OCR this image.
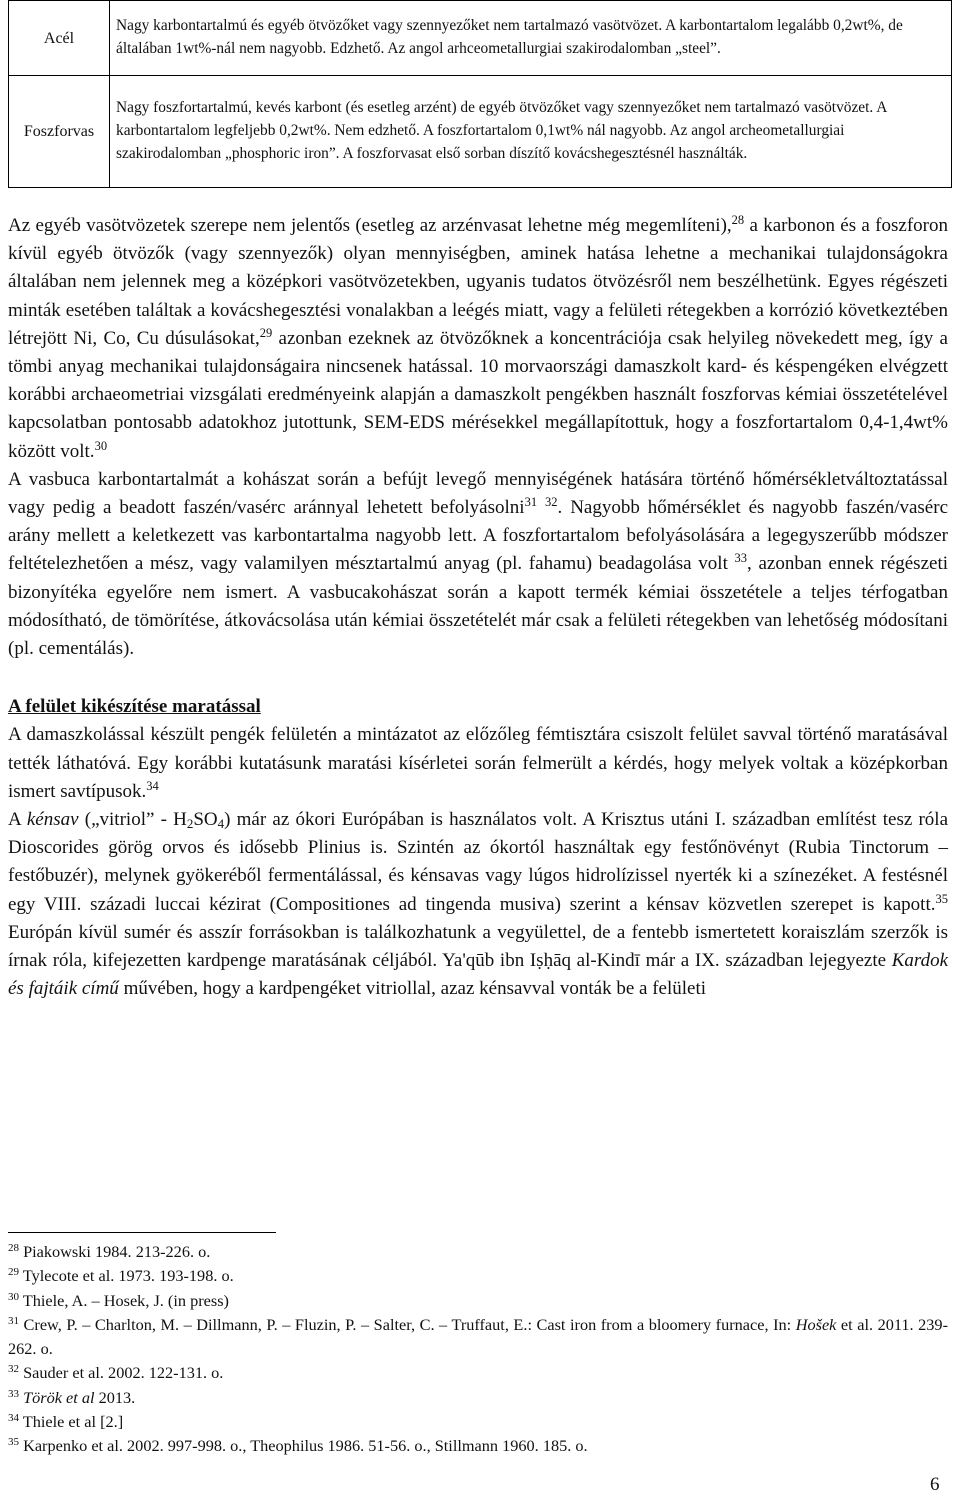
Acél	Nagy karbontartalmú és egyéb ötvözőket vagy szennyezőket nem tartalmazó vasötvözet. A karbontartalom legalább 0,2wt%, de általában 1wt%-nál nem nagyobb. Edzhető. Az angol arhceometallurgiai szakirodalomban „steel”.
Foszforvas	Nagy foszfortartalmú, kevés karbont (és esetleg arzént) de egyéb ötvözőket vagy szennyezőket nem tartalmazó vasötvözet. A karbontartalom legfeljebb 0,2wt%. Nem edzhető. A foszfortartalom 0,1wt% nál nagyobb. Az angol archeometallurgiai szakirodalomban „phosphoric iron”. A foszforvasat első sorban díszítő kovácshegesztésnél használták.

Az egyéb vasötvözetek szerepe nem jelentős (esetleg az arzénvasat lehetne még megemlíteni),$^{28}$ a karbonon és a foszforon kívül egyéb ötvözők (vagy szennyezők) olyan mennyiségben, aminek hatása lehetne a mechanikai tulajdonságokra általában nem jelennek meg a középkori vasötvözetekben, ugyanis tudatos ötvözésről nem beszélhetünk. Egyes régészeti minták esetében találtak a kovácshegesztési vonalakban a leégés miatt, vagy a felületi rétegekben a korrózió következtében létrejött Ni, Co, Cu dúsulásokat,$^{29}$ azonban ezeknek az ötvözőknek a koncentrációja csak helyileg növekedett meg, így a tömbi anyag mechanikai tulajdonságaira nincsenek hatással. 10 morvaországi damaszkolt kard- és késpengéken elvégzett korábbi archaeometriai vizsgálati eredményeink alapján a damaszkolt pengékben használt foszforvas kémiai összetételével kapcsolatban pontosabb adatokhoz jutottunk, SEM-EDS mérésekkel megállapítottuk, hogy a foszfortartalom 0,4-1,4wt% között volt.$^{30}$

A vasbuca karbontartalmát a kohászat során a befújt levegő mennyiségének hatására történő hőmérsékletváltoztatással vagy pedig a beadott faszén/vasérc aránnyal lehetett befolyásolni$^{31}$ $^{32}$. Nagyobb hőmérséklet és nagyobb faszén/vasérc arány mellett a keletkezett vas karbontartalma nagyobb lett. A foszfortartalom befolyásolására a legegyszerűbb módszer feltételezhetően a mész, vagy valamilyen mésztartalmú anyag (pl. fahamu) beadagolása volt $^{33}$, azonban ennek régészeti bizonyítéka egyelőre nem ismert. A vasbucakohászat során a kapott termék kémiai összetétele a teljes térfogatban módosítható, de tömörítése, átkovácsolása után kémiai összetételét már csak a felületi rétegekben van lehetőség módosítani (pl. cementálás).

A felület kikészítése maratással

A damaszkolással készült pengék felületén a mintázatot az előzőleg fémtisztára csiszolt felület savval történő maratásával tették láthatóvá. Egy korábbi kutatásunk maratási kísérletei során felmerült a kérdés, hogy melyek voltak a középkorban ismert savtípusok.$^{34}$

A kénsav („vitriol” - $H_2SO_4$) már az ókori Európában is használatos volt. A Krisztus utáni I. században említést tesz róla Dioscorides görög orvos és idősebb Plinius is. Szintén az ókortól használtak egy festőnövényt (Rubia Tinctorum – festőbuzér), melynek gyökeréből fermentálással, és kénsavas vagy lúgos hidrolízissel nyerték ki a színezéket. A festésnél egy VIII. századi luccai kézirat (Compositiones ad tingenda musiva) szerint a kénsav közvetlen szerepet is kapott.$^{35}$ Európán kívül sumér és asszír forrásokban is találkozhatunk a vegyülettel, de a fentebb ismertetett koraiszlám szerzők is írnak róla, kifejezetten kardpenge maratásának céljából. Ya'qūb ibn Iṣḥāq al-Kindī már a IX. században lejegyezte Kardok és fajtáik című művében, hogy a kardpengéket vitriollal, azaz kénsavval vonták be a felületi

$^{28}$ Piakowski 1984. 213-226. o.
$^{29}$ Tylecote et al. 1973. 193-198. o.
$^{30}$ Thiele, A. – Hosek, J. (in press)
$^{31}$ Crew, P. – Charlton, M. – Dillmann, P. – Fluzin, P. – Salter, C. – Truffaut, E.: Cast iron from a bloomery furnace, In: Hošek et al. 2011. 239-262. o.
$^{32}$ Sauder et al. 2002. 122-131. o.
$^{33}$ Török et al 2013.
$^{34}$ Thiele et al [2.]
$^{35}$ Karpenko et al. 2002. 997-998. o., Theophilus 1986. 51-56. o., Stillmann 1960. 185. o.
6
